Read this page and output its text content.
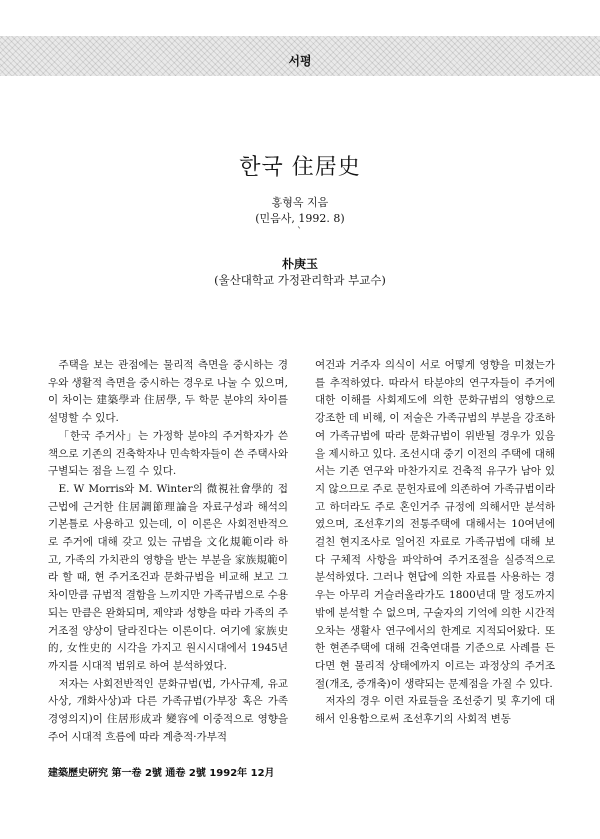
서평
한국 住居史
홍형옥 지음
(민음사, 1992. 8)
`
朴庚玉
(울산대학교 가정관리학과 부교수)

주택을 보는 관점에는 물리적 측면을 중시하는 경우와 생활적 측면을 중시하는 경우로 나눌 수 있으며, 이 차이는 建築學과 住居學, 두 학문 분야의 차이를 설명할 수 있다.

「한국 주거사」는 가정학 분야의 주거학자가 쓴 책으로 기존의 건축학자나 민속학자들이 쓴 주택사와 구별되는 점을 느낄 수 있다.

E. W Morris와 M. Winter의 微視社會學的 접근법에 근거한 住居調節理論을 자료구성과 해석의 기본틀로 사용하고 있는데, 이 이론은 사회전반적으로 주거에 대해 갖고 있는 규범을 文化規範이라 하고, 가족의 가치관의 영향을 받는 부분을 家族規範이라 할 때, 현 주거조건과 문화규범을 비교해 보고 그 차이만큼 규범적 결함을 느끼지만 가족규범으로 수용되는 만큼은 완화되며, 제약과 성향을 따라 가족의 주거조절 양상이 달라진다는 이론이다. 여기에 家族史的, 女性史的 시각을 가지고 원시시대에서 1945년까지를 시대적 범위로 하여 분석하였다.

저자는 사회전반적인 문화규범(법, 가사규제, 유교사상, 개화사상)과 다른 가족규범(가부장 혹은 가족 경영의지)이 住居形成과 變容에 이중적으로 영향을 주어 시대적 흐름에 따라 계층적·가부적

여건과 거주자 의식이 서로 어떻게 영향을 미쳤는가를 추적하였다. 따라서 타분야의 연구자들이 주거에 대한 이해를 사회제도에 의한 문화규범의 영향으로 강조한 데 비해, 이 저술은 가족규범의 부분을 강조하여 가족규범에 따라 문화규범이 위반될 경우가 있음을 제시하고 있다. 조선시대 중기 이전의 주택에 대해서는 기존 연구와 마찬가지로 건축적 유구가 남아 있지 않으므로 주로 문헌자료에 의존하여 가족규범이라고 하더라도 주로 혼인거주 규정에 의해서만 분석하였으며, 조선후기의 전통주택에 대해서는 10여년에 걸친 현지조사로 일어진 자료로 가족규범에 대해 보다 구체적 사항을 파악하여 주거조절을 실증적으로 분석하였다. 그러나 현답에 의한 자료를 사용하는 경우는 아무리 거슬러올라가도 1800년대 말 정도까지 밖에 분석할 수 없으며, 구술자의 기억에 의한 시간적 오차는 생활사 연구에서의 한계로 지적되어왔다. 또한 현존주택에 대해 건축연대를 기준으로 사례를 든다면 현 물리적 상태에까지 이르는 과정상의 주거조절(개조, 증개축)이 생략되는 문제점을 가질 수 있다.

저자의 경우 이런 자료들을 조선중기 및 후기에 대해서 인용함으로써 조선후기의 사회적 변동

建築歷史硏究 第一卷 2號 通卷 2號 1992年 12月
